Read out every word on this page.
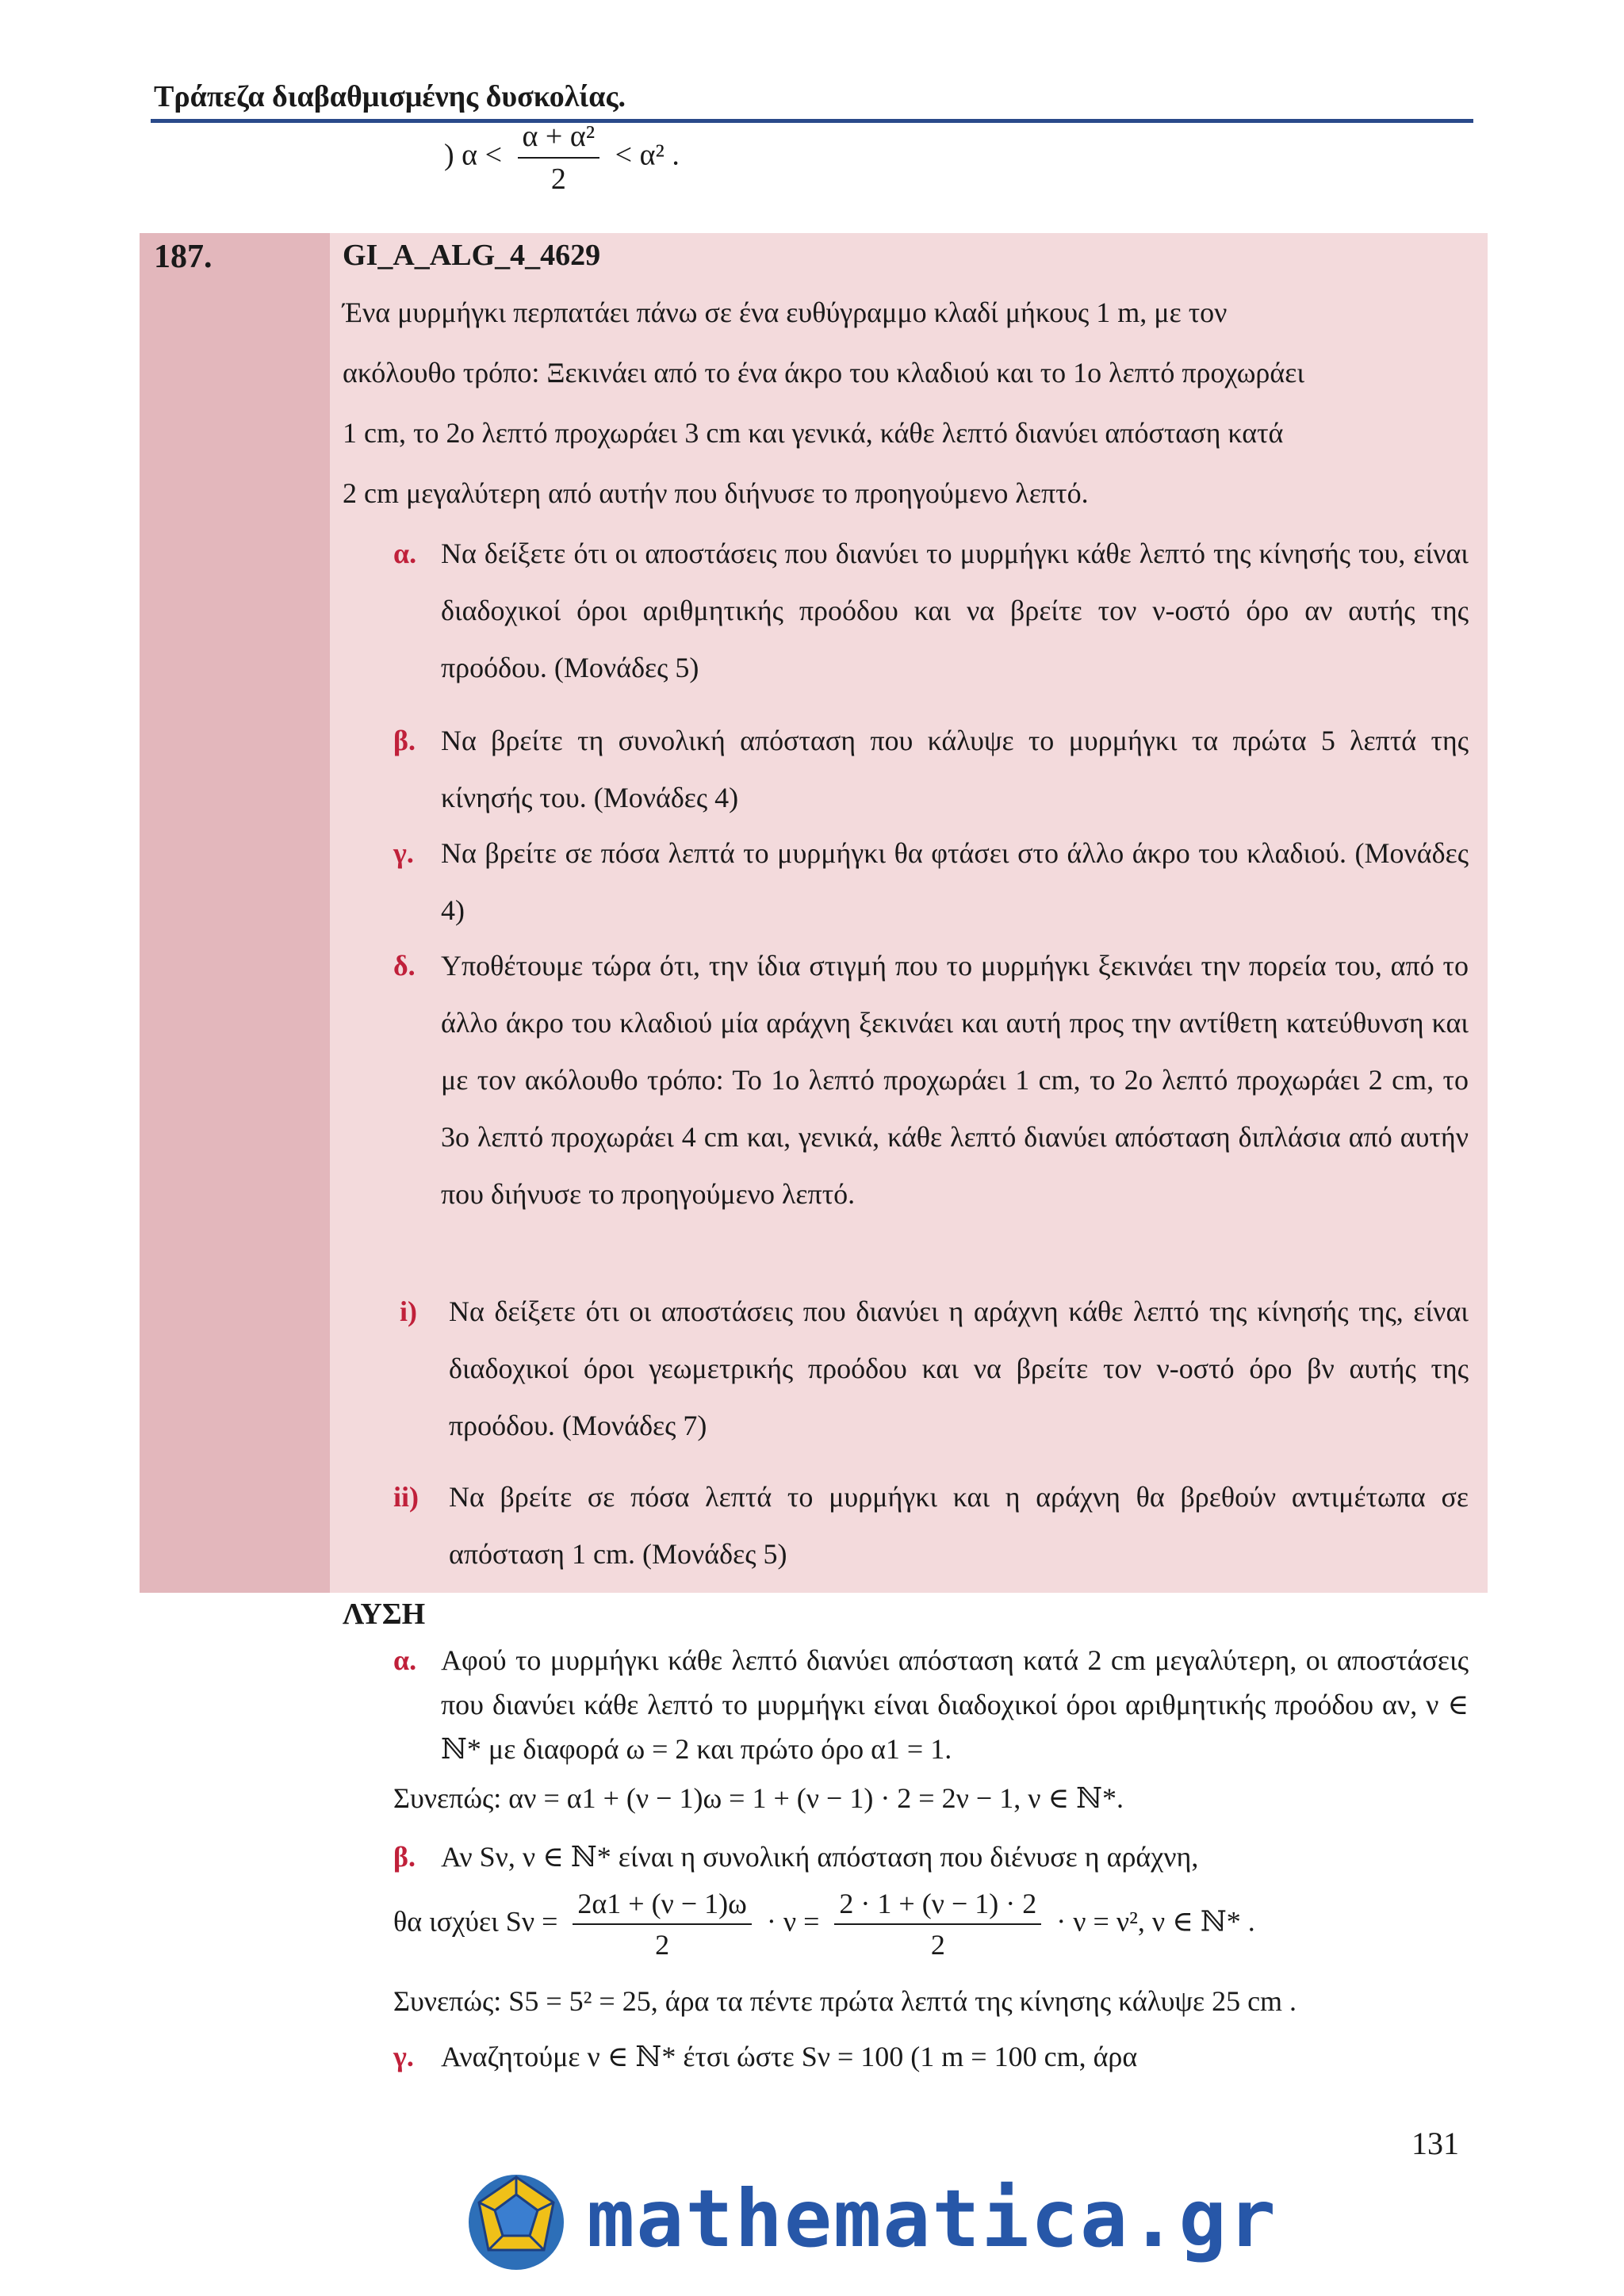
Τράπεζα διαβαθμισμένης δυσκολίας.
) $\alpha < \frac{\text{α + α²}}{2} < \alpha^2$ .
187.	GI_A_ALG_4_4629
Ένα μυρμήγκι περπατάει πάνω σε ένα ευθύγραμμο κλαδί μήκους 1 m, με τον
ακόλουθο τρόπο: Ξεκινάει από το ένα άκρο του κλαδιού και το 1ο λεπτό προχωράει
1 cm, το 2ο λεπτό προχωράει 3 cm και γενικά, κάθε λεπτό διανύει απόσταση κατά
2 cm μεγαλύτερη από αυτήν που διήνυσε το προηγούμενο λεπτό.
α. Να δείξετε ότι οι αποστάσεις που διανύει το μυρμήγκι κάθε λεπτό της κίνησής του, είναι διαδοχικοί όροι αριθμητικής προόδου και να βρείτε τον ν-οστό όρο αν αυτής της προόδου. (Μονάδες 5)
β. Να βρείτε τη συνολική απόσταση που κάλυψε το μυρμήγκι τα πρώτα 5 λεπτά της κίνησής του. (Μονάδες 4)
γ. Να βρείτε σε πόσα λεπτά το μυρμήγκι θα φτάσει στο άλλο άκρο του κλαδιού. (Μονάδες 4)
δ. Υποθέτουμε τώρα ότι, την ίδια στιγμή που το μυρμήγκι ξεκινάει την πορεία του, από το άλλο άκρο του κλαδιού μία αράχνη ξεκινάει και αυτή προς την αντίθετη κατεύθυνση και με τον ακόλουθο τρόπο: Το 1ο λεπτό προχωράει 1 cm, το 2ο λεπτό προχωράει 2 cm, το 3ο λεπτό προχωράει 4 cm και, γενικά, κάθε λεπτό διανύει απόσταση διπλάσια από αυτήν που διήνυσε το προηγούμενο λεπτό.
i) Να δείξετε ότι οι αποστάσεις που διανύει η αράχνη κάθε λεπτό της κίνησής της, είναι διαδοχικοί όροι γεωμετρικής προόδου και να βρείτε τον ν-οστό όρο βν αυτής της προόδου. (Μονάδες 7)
ii) Να βρείτε σε πόσα λεπτά το μυρμήγκι και η αράχνη θα βρεθούν αντιμέτωπα σε απόσταση 1 cm. (Μονάδες 5)
ΛΥΣΗ
α. Αφού το μυρμήγκι κάθε λεπτό διανύει απόσταση κατά 2 cm μεγαλύτερη, οι αποστάσεις που διανύει κάθε λεπτό το μυρμήγκι είναι διαδοχικοί όροι αριθμητικής προόδου αν, ν ∈ ℕ* με διαφορά ω = 2 και πρώτο όρο α1 = 1.
Συνεπώς: αν = α1 + (ν − 1)ω = 1 + (ν − 1) · 2 = 2ν − 1, ν ∈ ℕ*.
β. Αν Sν, ν ∈ ℕ* είναι η συνολική απόσταση που διένυσε η αράχνη,
θα ισχύει $S\nu = \frac{2\alpha 1 + (\nu - 1)\omega}{2} \cdot \nu = \frac{2 \cdot 1 + (\nu - 1) \cdot 2}{2} \cdot \nu = \nu^2$, ν ∈ ℕ* .
Συνεπώς: S5 = 5² = 25, άρα τα πέντε πρώτα λεπτά της κίνησης κάλυψε 25 cm .
γ. Αναζητούμε ν ∈ ℕ* έτσι ώστε Sν = 100 (1 m = 100 cm, άρα
131
mathematica.gr
